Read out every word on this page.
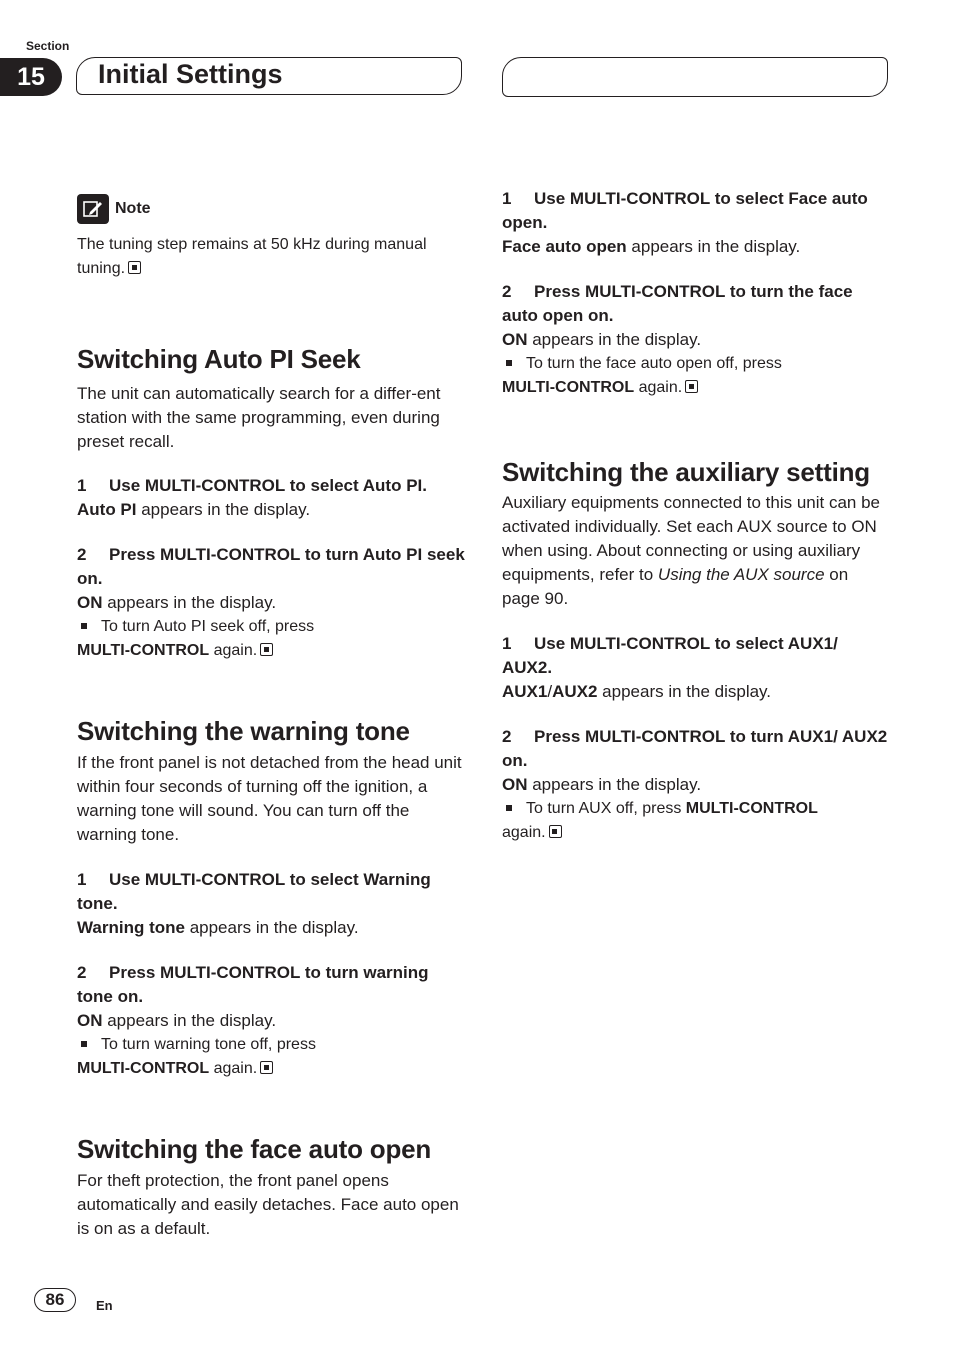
Section
15	Initial Settings
Note

The tuning step remains at 50 kHz during manual tuning.

Switching Auto PI Seek

The unit can automatically search for a differ-ent station with the same programming, even during preset recall.

1 Use MULTI-CONTROL to select Auto PI.

Auto PI appears in the display.

2 Press MULTI-CONTROL to turn Auto PI seek on.

ON appears in the display.

To turn Auto PI seek off, press

MULTI-CONTROL again.

Switching the warning tone

If the front panel is not detached from the head unit within four seconds of turning off the ignition, a warning tone will sound. You can turn off the warning tone.

1 Use MULTI-CONTROL to select Warning tone.

Warning tone appears in the display.

2 Press MULTI-CONTROL to turn warning tone on.

ON appears in the display.

To turn warning tone off, press

MULTI-CONTROL again.

Switching the face auto open

For theft protection, the front panel opens automatically and easily detaches. Face auto open is on as a default.

1 Use MULTI-CONTROL to select Face auto open.

Face auto open appears in the display.

2 Press MULTI-CONTROL to turn the face auto open on.

ON appears in the display.

To turn the face auto open off, press

MULTI-CONTROL again.

Switching the auxiliary setting

Auxiliary equipments connected to this unit can be activated individually. Set each AUX source to ON when using. About connecting or using auxiliary equipments, refer to Using the AUX source on page 90.

1 Use MULTI-CONTROL to select AUX1/ AUX2.

AUX1/AUX2 appears in the display.

2 Press MULTI-CONTROL to turn AUX1/ AUX2 on.

ON appears in the display.

To turn AUX off, press MULTI-CONTROL

again.

86	En
